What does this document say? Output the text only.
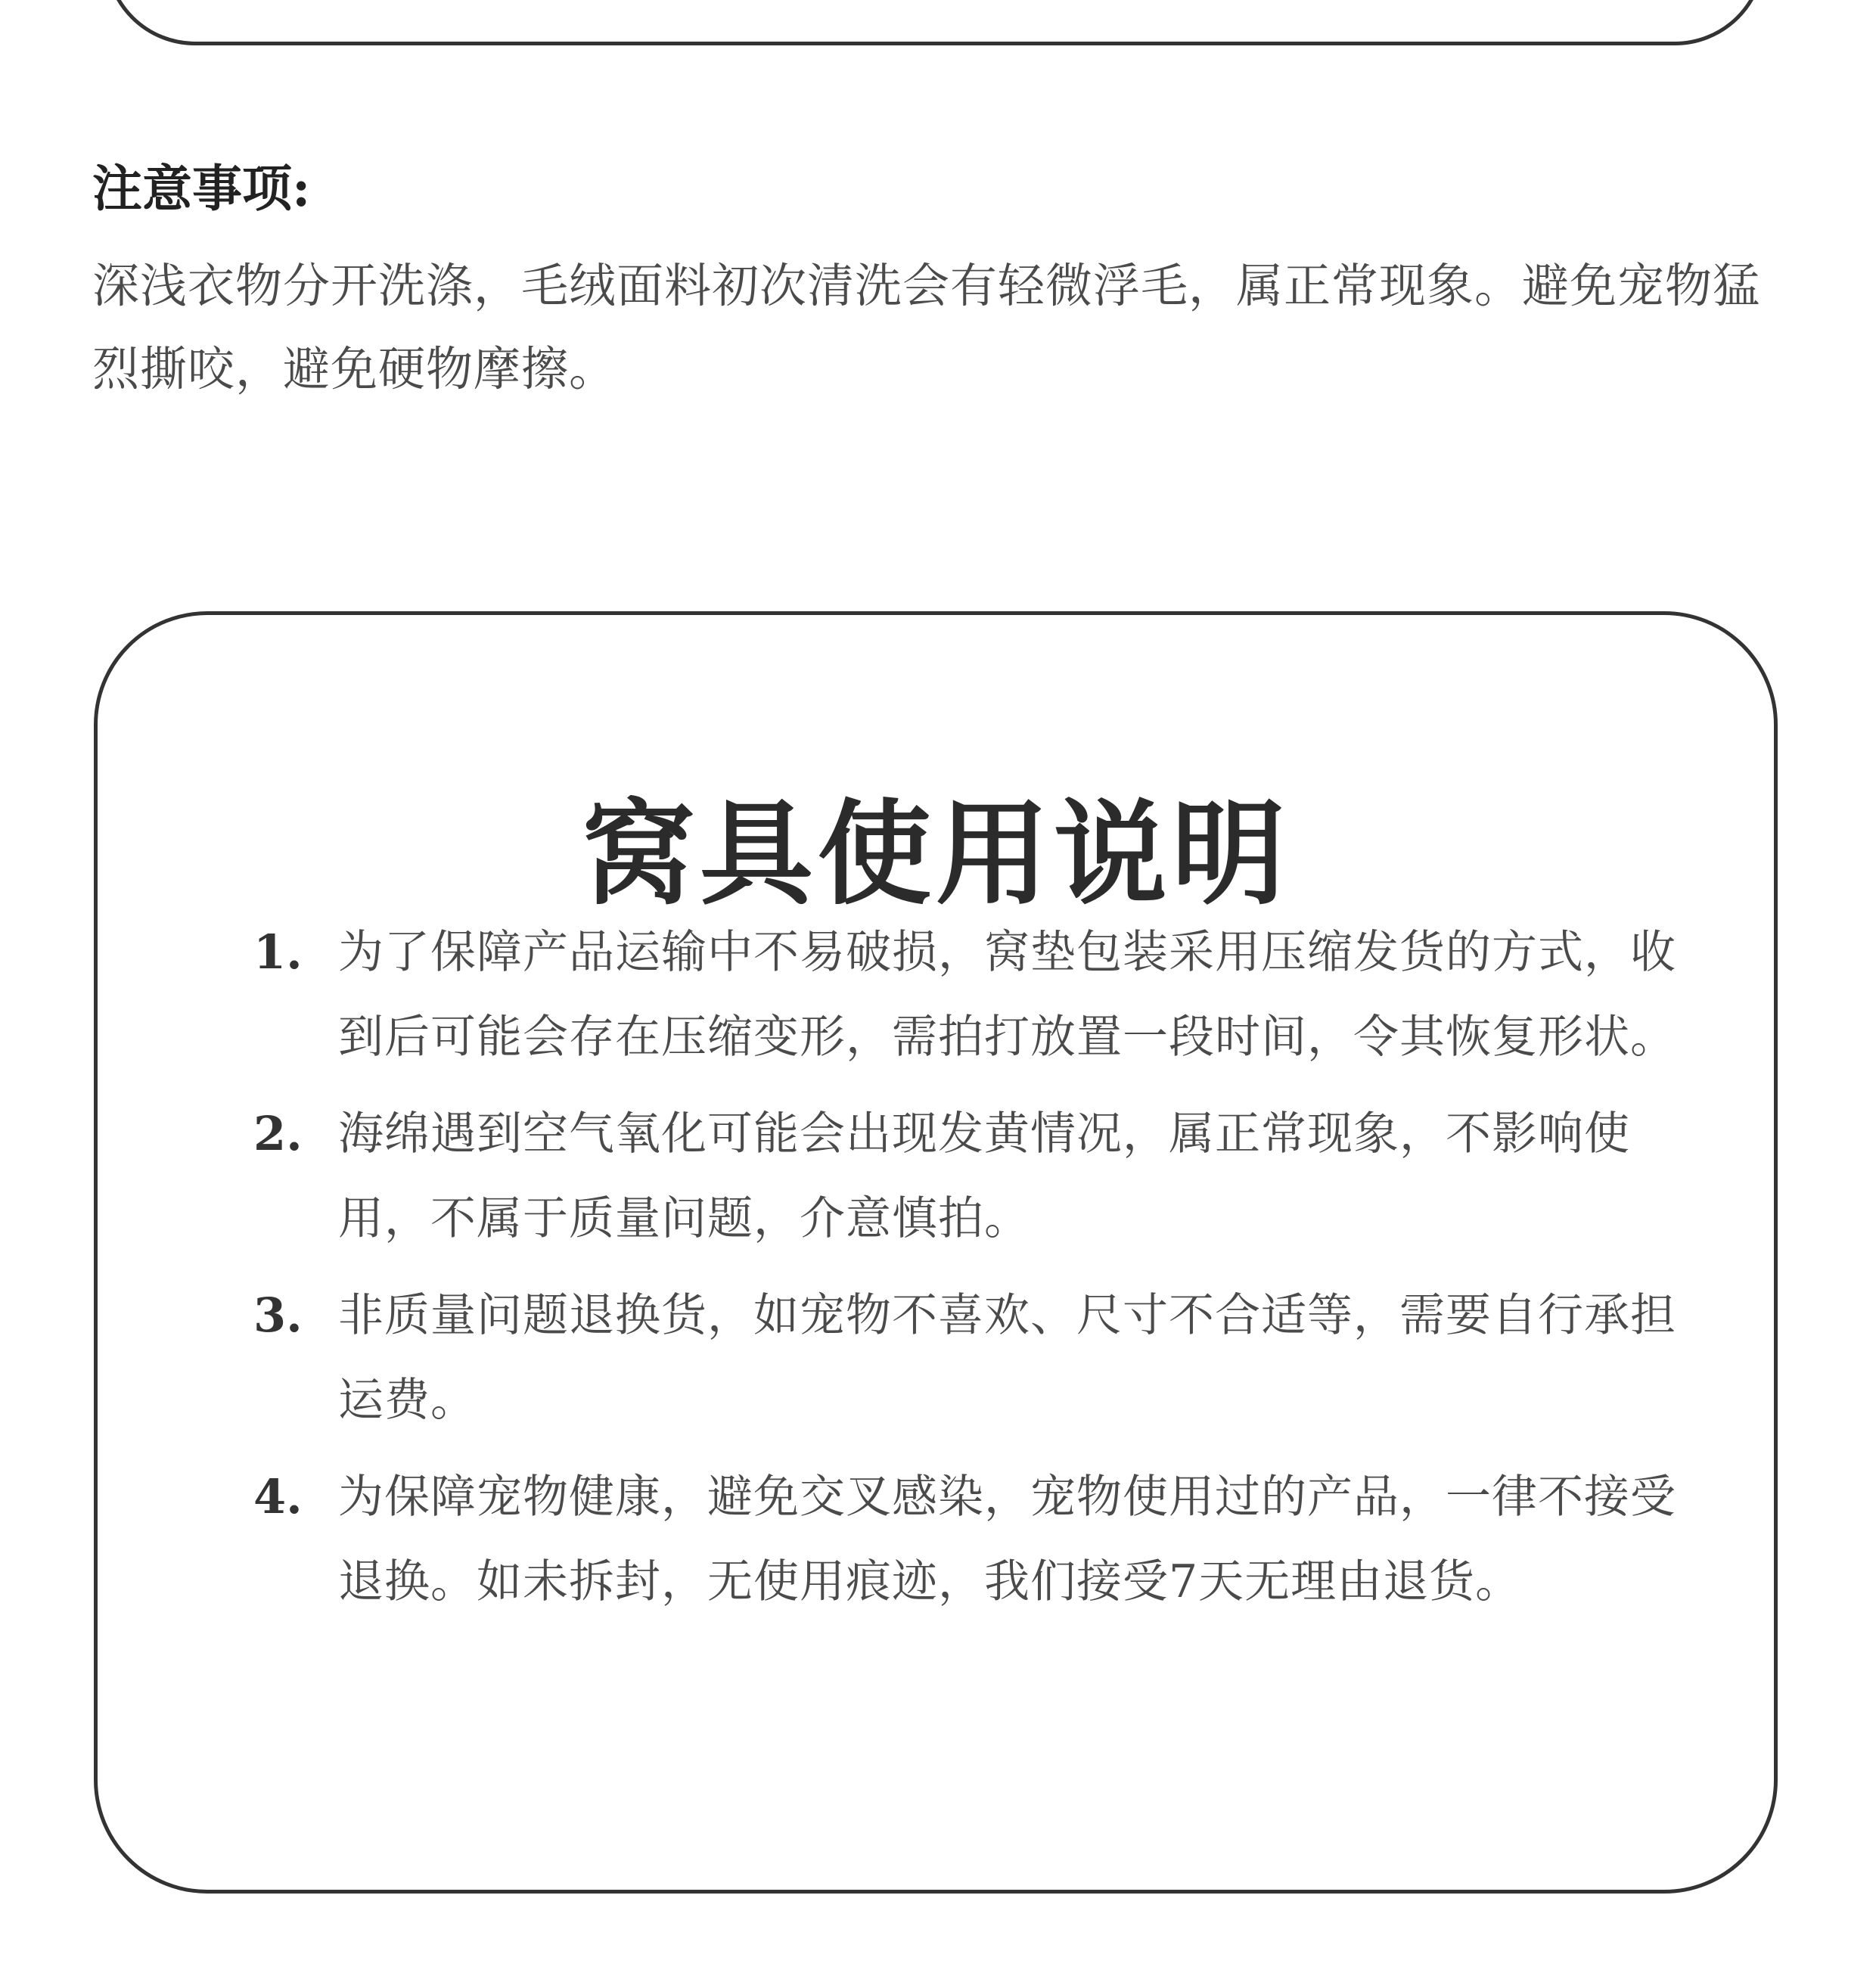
注意事项:

深浅衣物分开洗涤，毛绒面料初次清洗会有轻微浮毛，属正常现象。避免宠物猛烈撕咬，避免硬物摩擦。

窝具使用说明
1. 为了保障产品运输中不易破损，窝垫包装采用压缩发货的方式，收到后可能会存在压缩变形，需拍打放置一段时间，令其恢复形状。
2. 海绵遇到空气氧化可能会出现发黄情况，属正常现象，不影响使用，不属于质量问题，介意慎拍。
3. 非质量问题退换货，如宠物不喜欢、尺寸不合适等，需要自行承担运费。
4. 为保障宠物健康，避免交叉感染，宠物使用过的产品，一律不接受退换。如未拆封，无使用痕迹，我们接受7天无理由退货。
